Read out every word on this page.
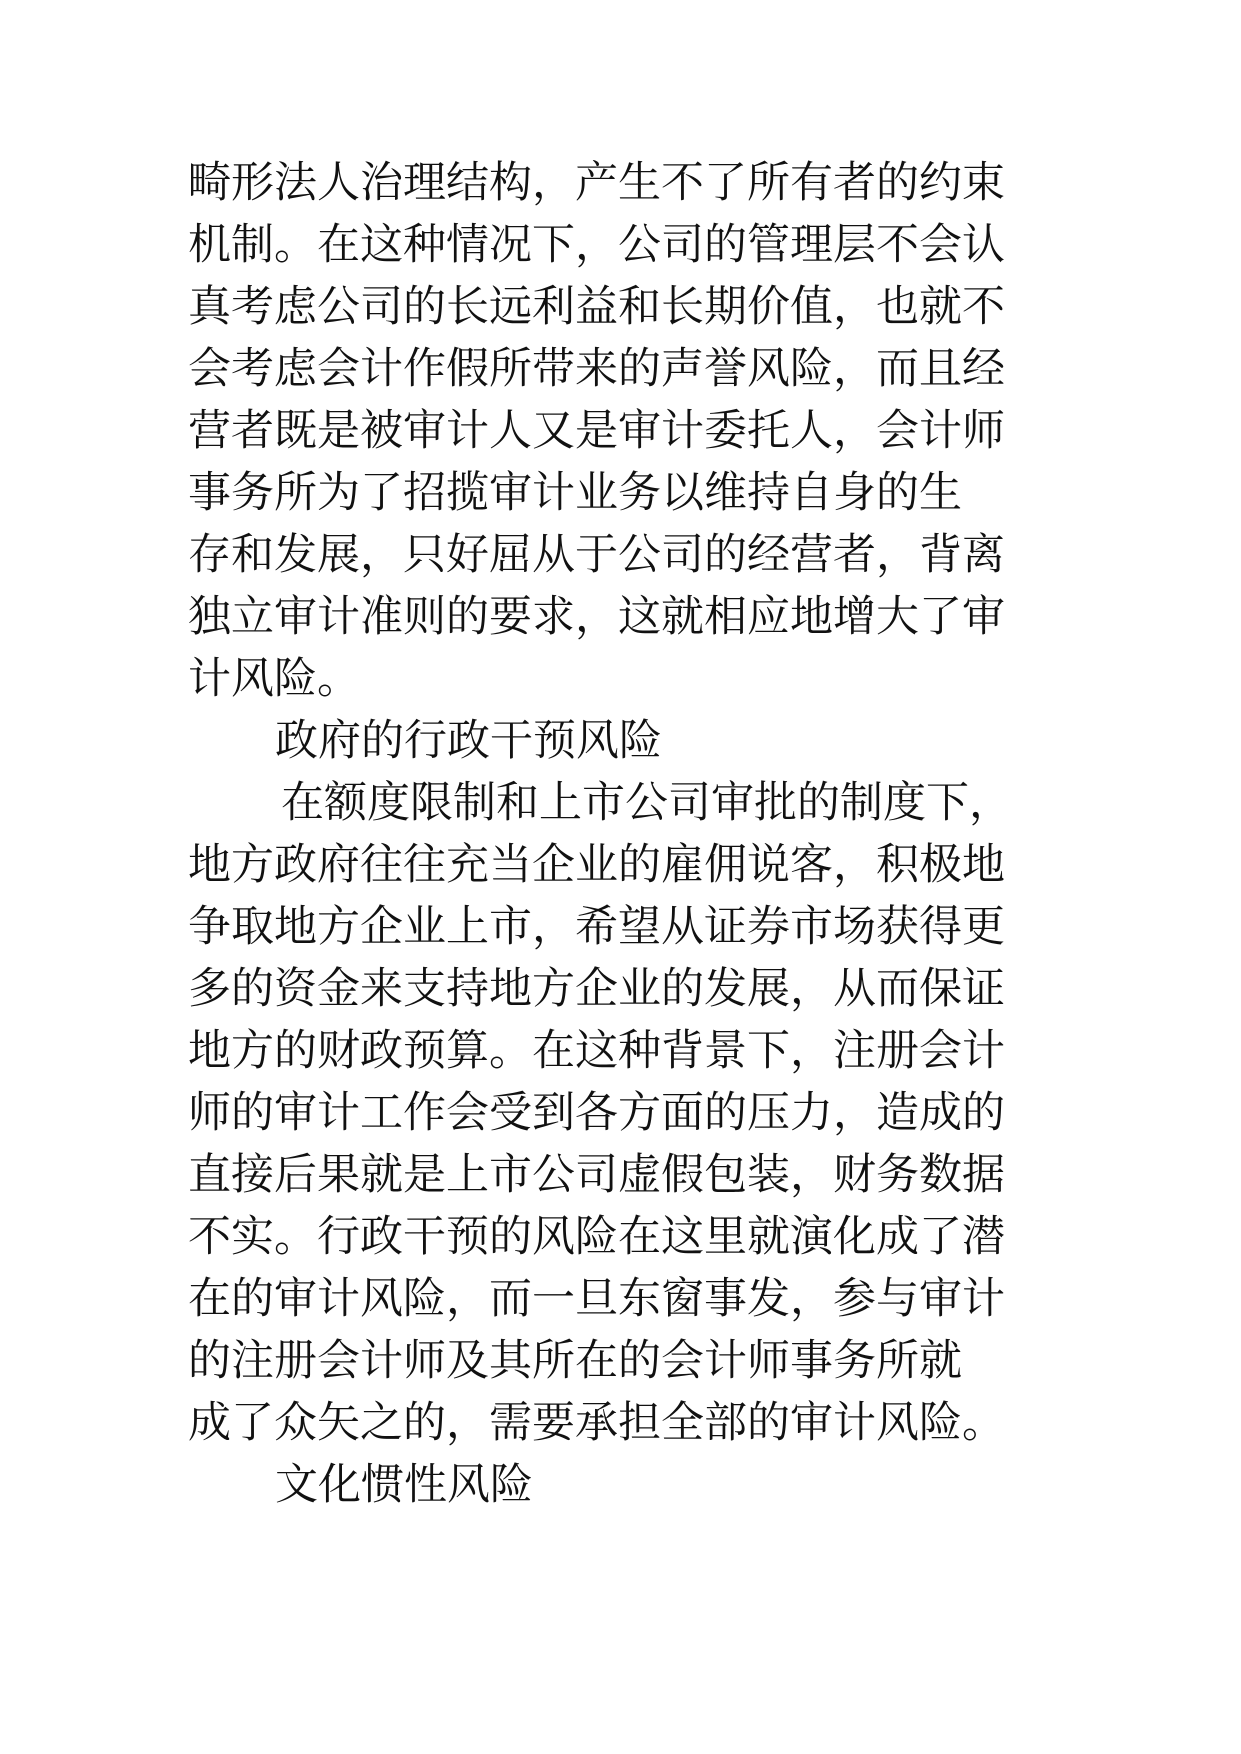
畸形法人治理结构，产生不了所有者的约束
机制。在这种情况下，公司的管理层不会认
真考虑公司的长远利益和长期价值，也就不
会考虑会计作假所带来的声誉风险，而且经
营者既是被审计人又是审计委托人，会计师
事务所为了招揽审计业务以维持自身的生
存和发展，只好屈从于公司的经营者，背离
独立审计准则的要求，这就相应地增大了审
计风险。
政府的行政干预风险
在额度限制和上市公司审批的制度下，
地方政府往往充当企业的雇佣说客，积极地
争取地方企业上市，希望从证券市场获得更
多的资金来支持地方企业的发展，从而保证
地方的财政预算。在这种背景下，注册会计
师的审计工作会受到各方面的压力，造成的
直接后果就是上市公司虚假包装，财务数据
不实。行政干预的风险在这里就演化成了潜
在的审计风险，而一旦东窗事发，参与审计
的注册会计师及其所在的会计师事务所就
成了众矢之的，需要承担全部的审计风险。
文化惯性风险
